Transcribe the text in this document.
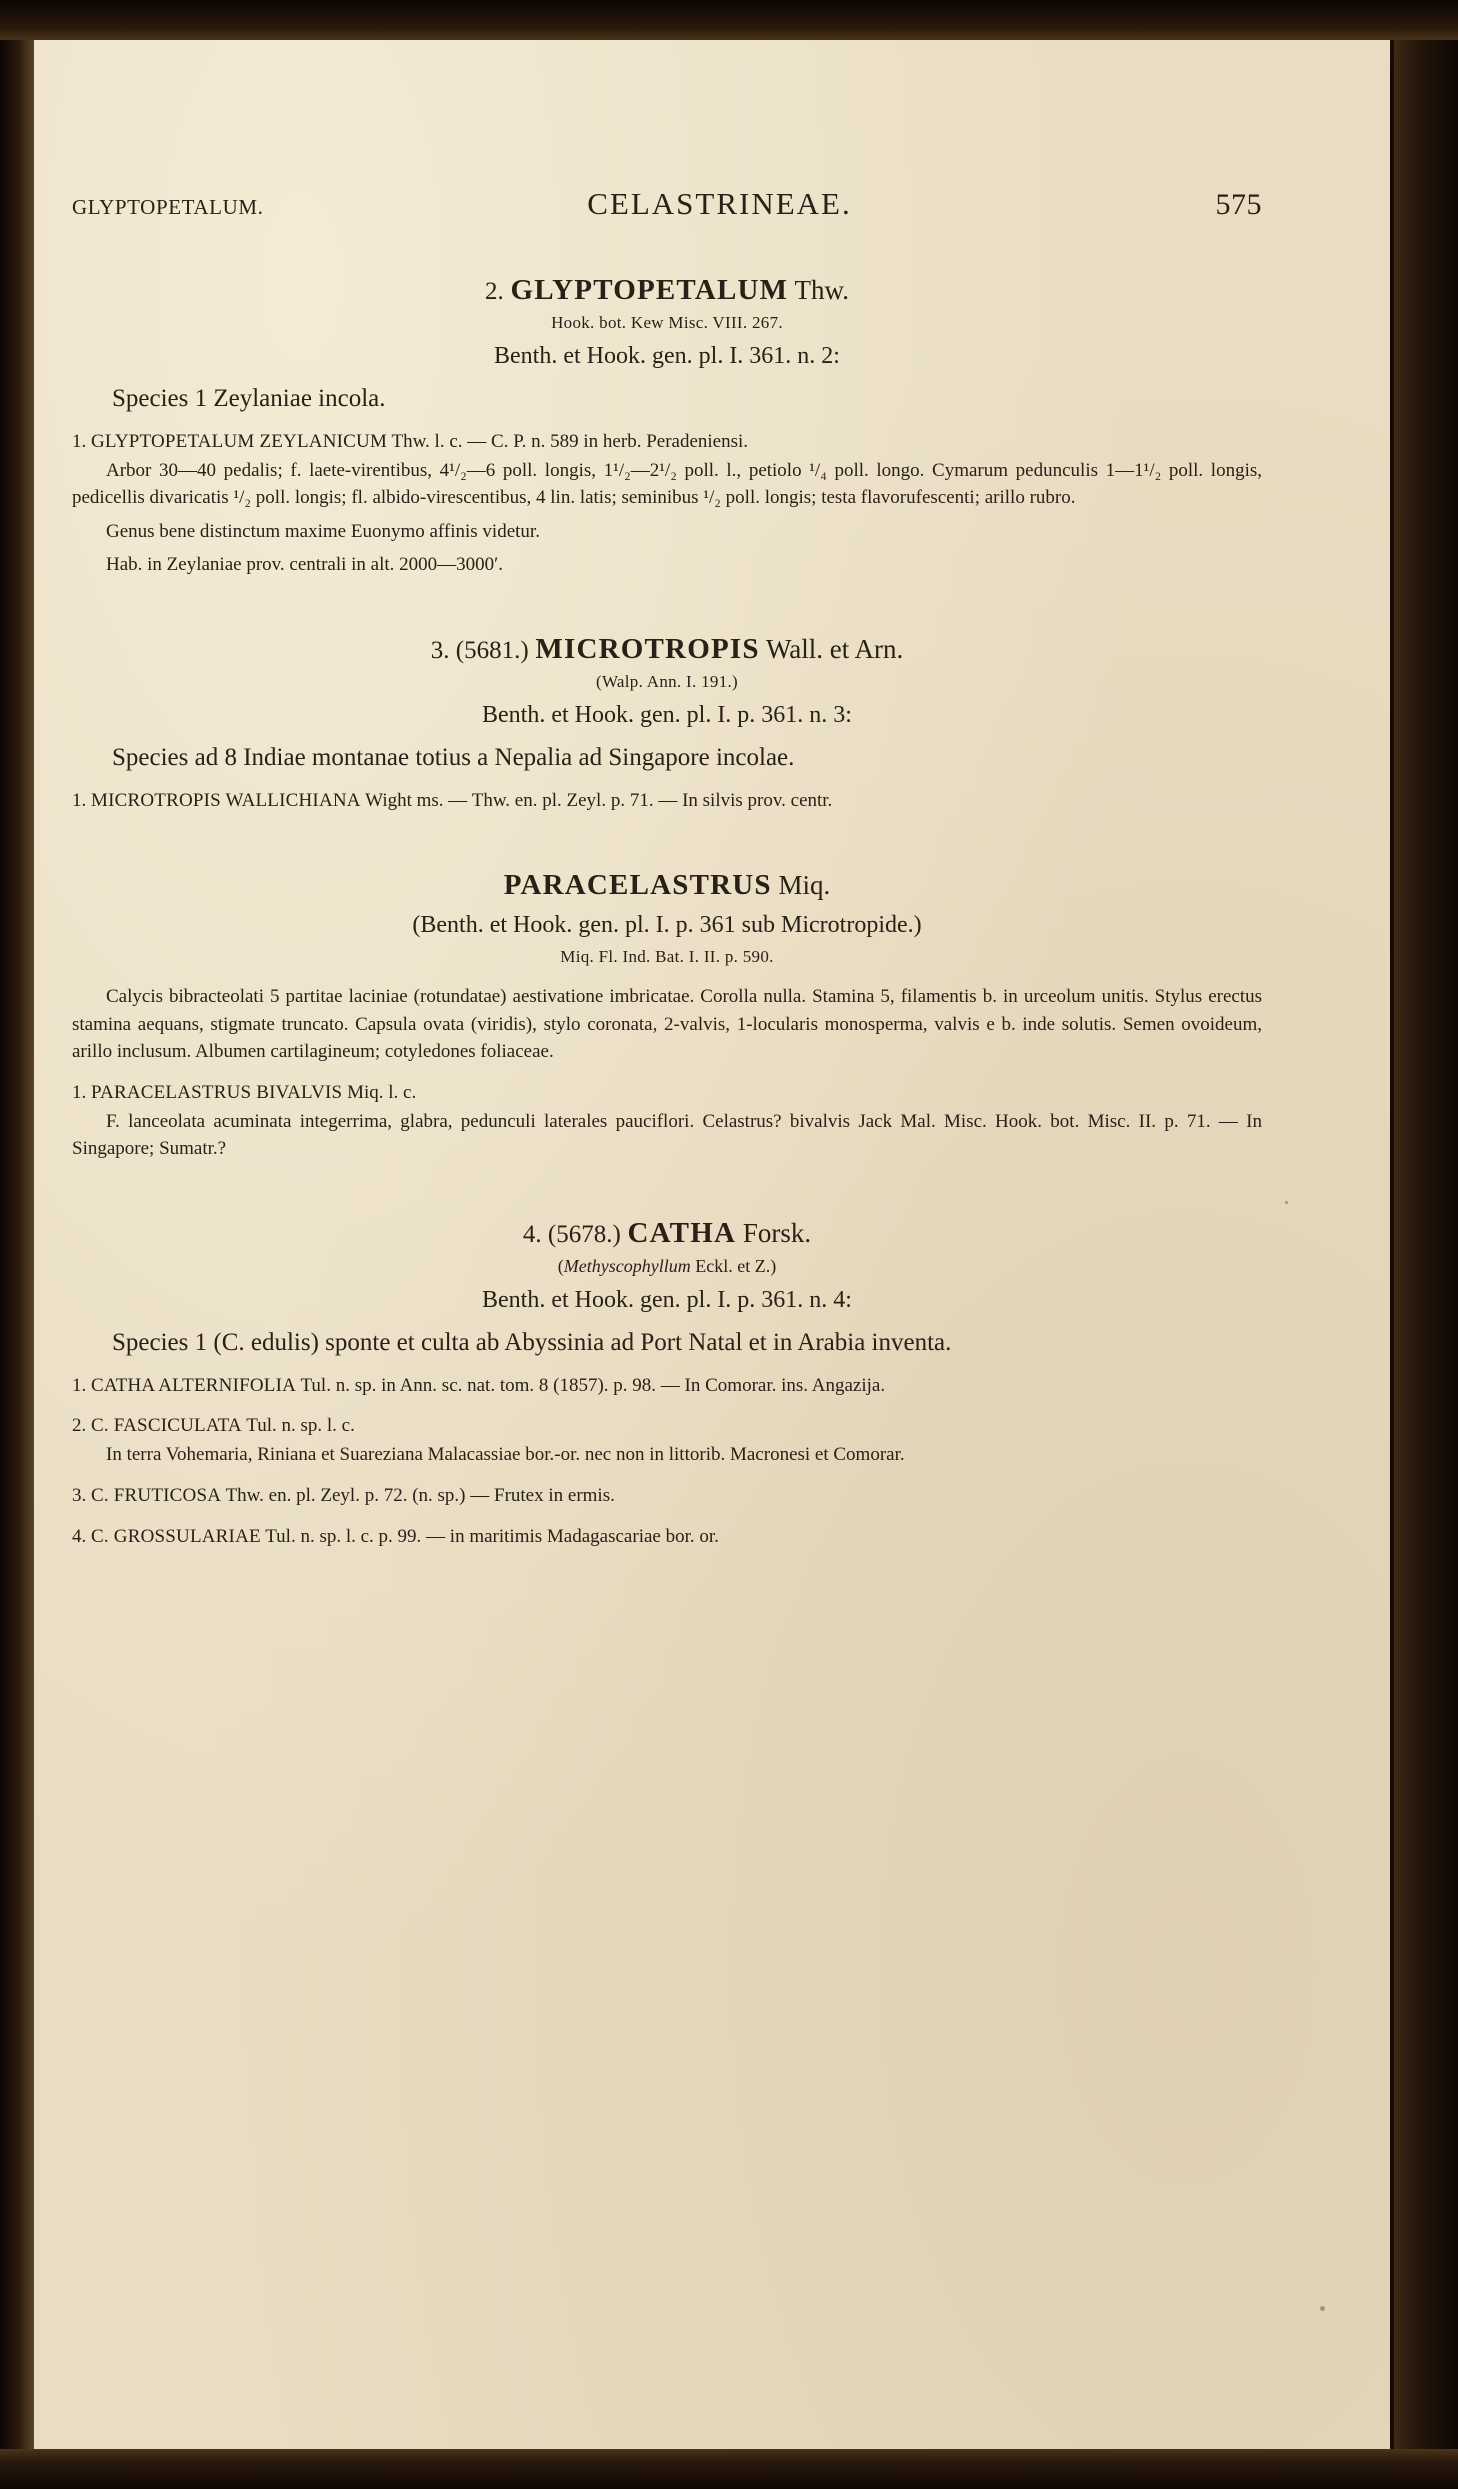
GLYPTOPETALUM.	CELASTRINEAE.	575
2. GLYPTOPETALUM Thw.
Hook. bot. Kew Misc. VIII. 267.
Benth. et Hook. gen. pl. I. 361. n. 2:
Species 1 Zeylaniae incola.

1. GLYPTOPETALUM ZEYLANICUM Thw. l. c. — C. P. n. 589 in herb. Peradeniensi.

Arbor 30—40 pedalis; f. laete-virentibus, 4¹/₂—6 poll. longis, 1¹/₂—2¹/₂ poll. l., petiolo ¹/₄ poll. longo. Cymarum pedunculis 1—1¹/₂ poll. longis, pedicellis divaricatis ¹/₂ poll. longis; fl. albido-virescentibus, 4 lin. latis; seminibus ¹/₂ poll. longis; testa flavorufescenti; arillo rubro.

Genus bene distinctum maxime Euonymo affinis videtur.
Hab. in Zeylaniae prov. centrali in alt. 2000—3000′.
3. (5681.) MICROTROPIS Wall. et Arn.
(Walp. Ann. I. 191.)
Benth. et Hook. gen. pl. I. p. 361. n. 3:
Species ad 8 Indiae montanae totius a Nepalia ad Singapore incolae.

1. MICROTROPIS WALLICHIANA Wight ms. — Thw. en. pl. Zeyl. p. 71. — In silvis prov. centr.

PARACELASTRUS Miq.
(Benth. et Hook. gen. pl. I. p. 361 sub Microtropide.)
Miq. Fl. Ind. Bat. I. II. p. 590.
Calycis bibracteolati 5 partitae laciniae (rotundatae) aestivatione imbricatae. Corolla nulla. Stamina 5, filamentis b. in urceolum unitis. Stylus erectus stamina aequans, stigmate truncato. Capsula ovata (viridis), stylo coronata, 2-valvis, 1-locularis monosperma, valvis e b. inde solutis. Semen ovoideum, arillo inclusum. Albumen cartilagineum; cotyledones foliaceae.

1. PARACELASTRUS BIVALVIS Miq. l. c.

F. lanceolata acuminata integerrima, glabra, pedunculi laterales pauciflori. Celastrus? bivalvis Jack Mal. Misc. Hook. bot. Misc. II. p. 71. — In Singapore; Sumatr.?

4. (5678.) CATHA Forsk.
(Methyscophyllum Eckl. et Z.)
Benth. et Hook. gen. pl. I. p. 361. n. 4:
Species 1 (C. edulis) sponte et culta ab Abyssinia ad Port Natal et in Arabia inventa.

1. CATHA ALTERNIFOLIA Tul. n. sp. in Ann. sc. nat. tom. 8 (1857). p. 98. — In Comorar. ins. Angazija.

2. C. FASCICULATA Tul. n. sp. l. c.

In terra Vohemaria, Riniana et Suareziana Malacassiae bor.-or. nec non in littorib. Macronesi et Comorar.

3. C. FRUTICOSA Thw. en. pl. Zeyl. p. 72. (n. sp.) — Frutex in ermis.

4. C. GROSSULARIAE Tul. n. sp. l. c. p. 99. — in maritimis Madagascariae bor. or.
